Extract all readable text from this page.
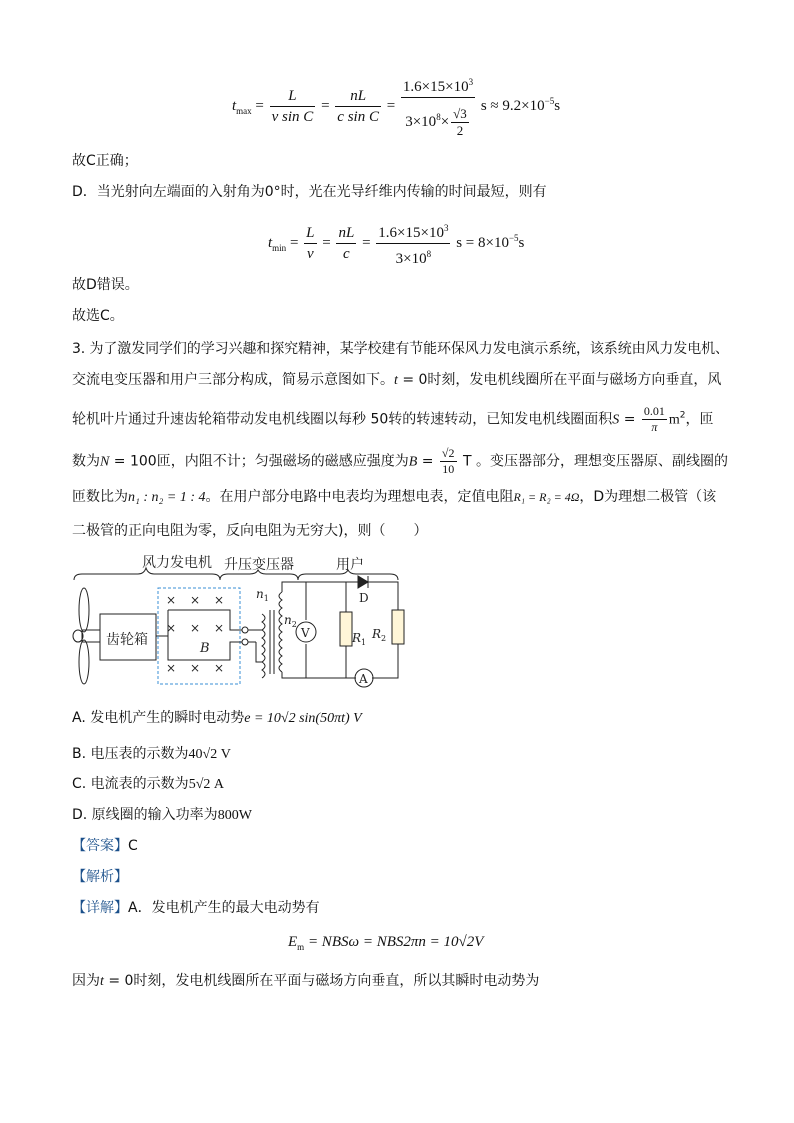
$t_{max} = \frac{L}{\text{v sin C}} = \frac{nL}{\text{c sin C}} = \frac{1.6\times 15\times 10^3}{3\times 10^8\times \frac{√3}{2}}$ $s \approx 9.2\times 10^{-5}s$
故C正确；
D．当光射向左端面的入射角为0°时，光在光导纤维内传输的时间最短，则有
$t_{min} = \frac{L}{v} = \frac{nL}{c} = \frac{1.6\times 15\times 10^3}{3\times 10^8}$ $s = 8\times 10^{-5}s$
故D错误。
故选C。
3. 为了激发同学们的学习兴趣和探究精神，某学校建有节能环保风力发电演示系统，该系统由风力发电机、
交流电变压器和用户三部分构成，简易示意图如下。t = 0时刻，发电机线圈所在平面与磁场方向垂直，风
轮机叶片通过升速齿轮箱带动发电机线圈以每秒 50转的转速转动，已知发电机线圈面积$S = \frac{0.01}{\pi} m^2$，匝
数为N = 100匝，内阻不计；匀强磁场的磁感应强度为$B = \frac{√2}{10}$ T 。变压器部分，理想变压器原、副线圈的
匝数比为n₁ : n₂ = 1 : 4。在用户部分电路中电表均为理想电表，定值电阻R₁ = R₂ = 4Ω，D为理想二极管（该
二极管的正向电阻为零，反向电阻为无穷大)，则（　　）
风力发电机 升压变压器	用户
齿轮箱
× × ×
× × ×
× × ×
B
$n_1$
$n_2$
V	$R_1$
D
$R_2$
A
A. 发电机产生的瞬时电动势e = 10√2 sin(50πt) V
B. 电压表的示数为40√2 V
C. 电流表的示数为5√2 A
D. 原线圈的输入功率为800W
【答案】C
【解析】
【详解】A．发电机产生的最大电动势有
$E_m = NBS\omega = NBS2\pi n = 10√2V$
因为t = 0时刻，发电机线圈所在平面与磁场方向垂直，所以其瞬时电动势为
